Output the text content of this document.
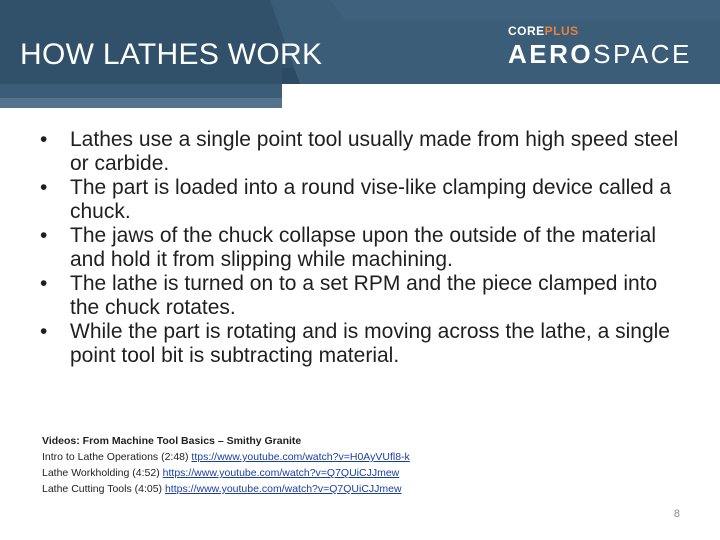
HOW LATHES WORK
COREPLUS
AEROSPACE
• Lathes use a single point tool usually made from high speed steel or carbide.
• The part is loaded into a round vise-like clamping device called a chuck.
• The jaws of the chuck collapse upon the outside of the material and hold it from slipping while machining.
• The lathe is turned on to a set RPM and the piece clamped into the chuck rotates.
• While the part is rotating and is moving across the lathe, a single point tool bit is subtracting material.
Videos: From Machine Tool Basics – Smithy Granite
Intro to Lathe Operations (2:48) ttps://www.youtube.com/watch?v=H0AyVUfl8-k
Lathe Workholding (4:52) https://www.youtube.com/watch?v=Q7QUiCJJmew
Lathe Cutting Tools (4:05) https://www.youtube.com/watch?v=Q7QUiCJJmew
8
